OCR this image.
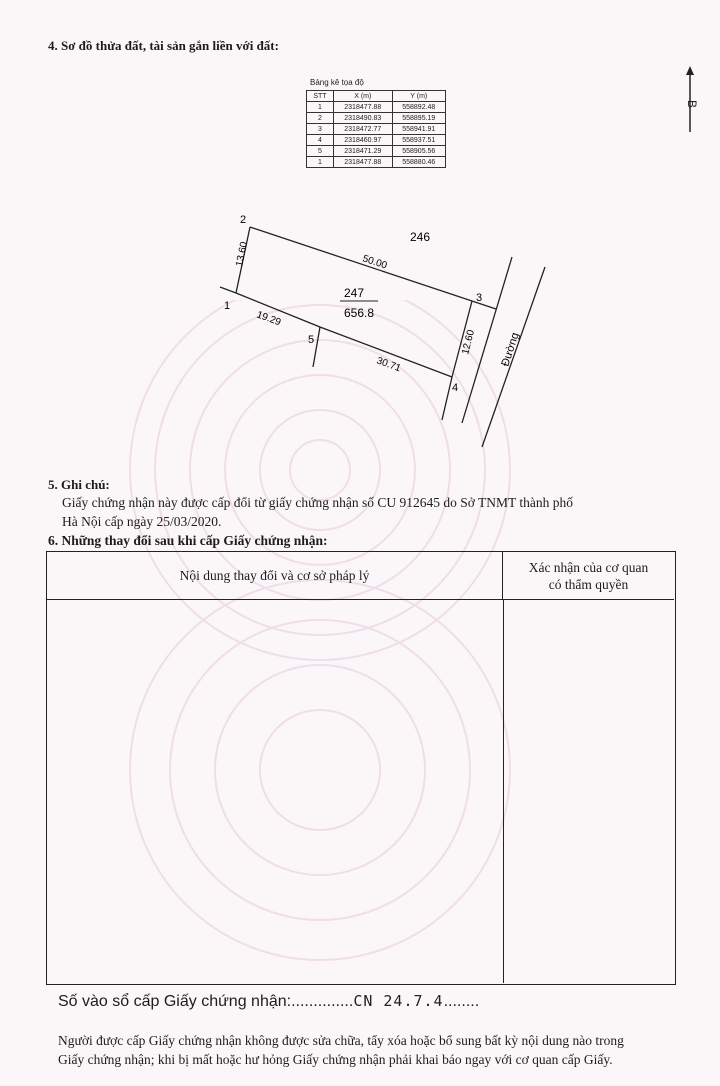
4. Sơ đồ thửa đất, tài sản gắn liền với đất:
Bảng kê tọa độ
STT	X (m)	Y (m)
1	2318477.88	558892.48
2	2318490.83	558895.19
3	2318472.77	558941.91
4	2318460.97	558937.51
5	2318471.29	558905.56
1	2318477.88	558880.46
B
1
2
3
4
5
13.60	50.00
12.60
19.29
30.71
246
247
656.8
Đường
5. Ghi chú:
Giấy chứng nhận này được cấp đổi từ giấy chứng nhận số CU 912645 do Sở TNMT thành phố
Hà Nội cấp ngày 25/03/2020.
6. Những thay đổi sau khi cấp Giấy chứng nhận:
Nội dung thay đổi và cơ sở pháp lý
Xác nhận của cơ quan
có thẩm quyền
Số vào sổ cấp Giấy chứng nhận:..............CN 24.7.4........
Người được cấp Giấy chứng nhận không được sửa chữa, tẩy xóa hoặc bổ sung bất kỳ nội dung nào trong
Giấy chứng nhận; khi bị mất hoặc hư hỏng Giấy chứng nhận phải khai báo ngay với cơ quan cấp Giấy.
